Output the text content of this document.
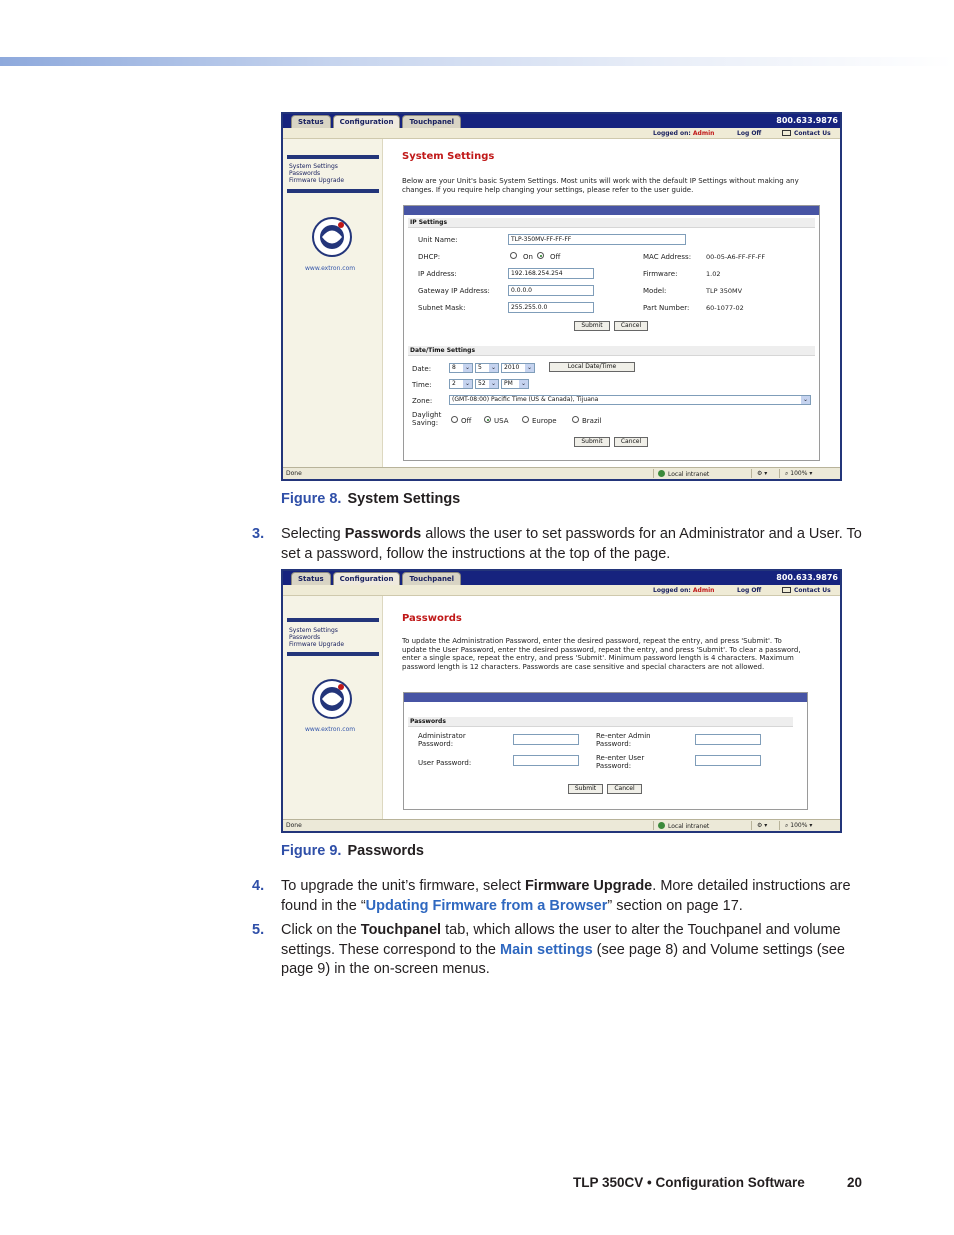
Status	Configuration	Touchpanel	800.633.9876
Logged on: Admin	Log Off	Contact Us
System Settings
Passwords
Firmware Upgrade
www.extron.com
System Settings
Below are your Unit's basic System Settings. Most units will work with the default IP Settings without making any changes. If you require help changing your settings, please refer to the user guide.
IP Settings
Unit Name:	TLP-350MV-FF-FF-FF
DHCP:	On Off
IP Address:	192.168.254.254
Gateway IP Address:	0.0.0.0
Subnet Mask:	255.255.0.0
MAC Address: 00-05-A6-FF-FF-FF
Firmware:	1.02
Model:	TLP 350MV
Part Number:	60-1077-02
Submit	Cancel
Date/Time Settings
Date:	8	⌄	5	⌄	2010	⌄	Local Date/Time
Time:	2	⌄	52 ⌄	PM	⌄
Zone:	(GMT-08:00) Pacific Time (US & Canada), Tijuana	⌄
Daylight
Saving:	Off	USA	Europe	Brazil
Submit	Cancel
Done	Local intranet	⚙ ▾	⌕ 100% ▾
Figure 8. System Settings
3. Selecting Passwords allows the user to set passwords for an Administrator and a User. To set a password, follow the instructions at the top of the page.
Status	Configuration	Touchpanel	800.633.9876
Logged on: Admin	Log Off	Contact Us
System Settings
Passwords
Firmware Upgrade
www.extron.com
Passwords
To update the Administration Password, enter the desired password, repeat the entry, and press 'Submit'. To update the User Password, enter the desired password, repeat the entry, and press 'Submit'. To clear a password, enter a single space, repeat the entry, and press 'Submit'. Minimum password length is 4 characters. Maximum password length is 12 characters. Passwords are case sensitive and special characters are not allowed.
Passwords
Administrator
Password:
Re-enter Admin
Password:
User Password:
Re-enter User
Password:
Submit	Cancel
Done	Local intranet	⚙ ▾	⌕ 100% ▾
Figure 9. Passwords
4. To upgrade the unit’s firmware, select Firmware Upgrade. More detailed instructions are found in the “Updating Firmware from a Browser” section on page 17.
5. Click on the Touchpanel tab, which allows the user to alter the Touchpanel and volume settings. These correspond to the Main settings (see page 8) and Volume settings (see page 9) in the on-screen menus.
TLP 350CV • Configuration Software	20
